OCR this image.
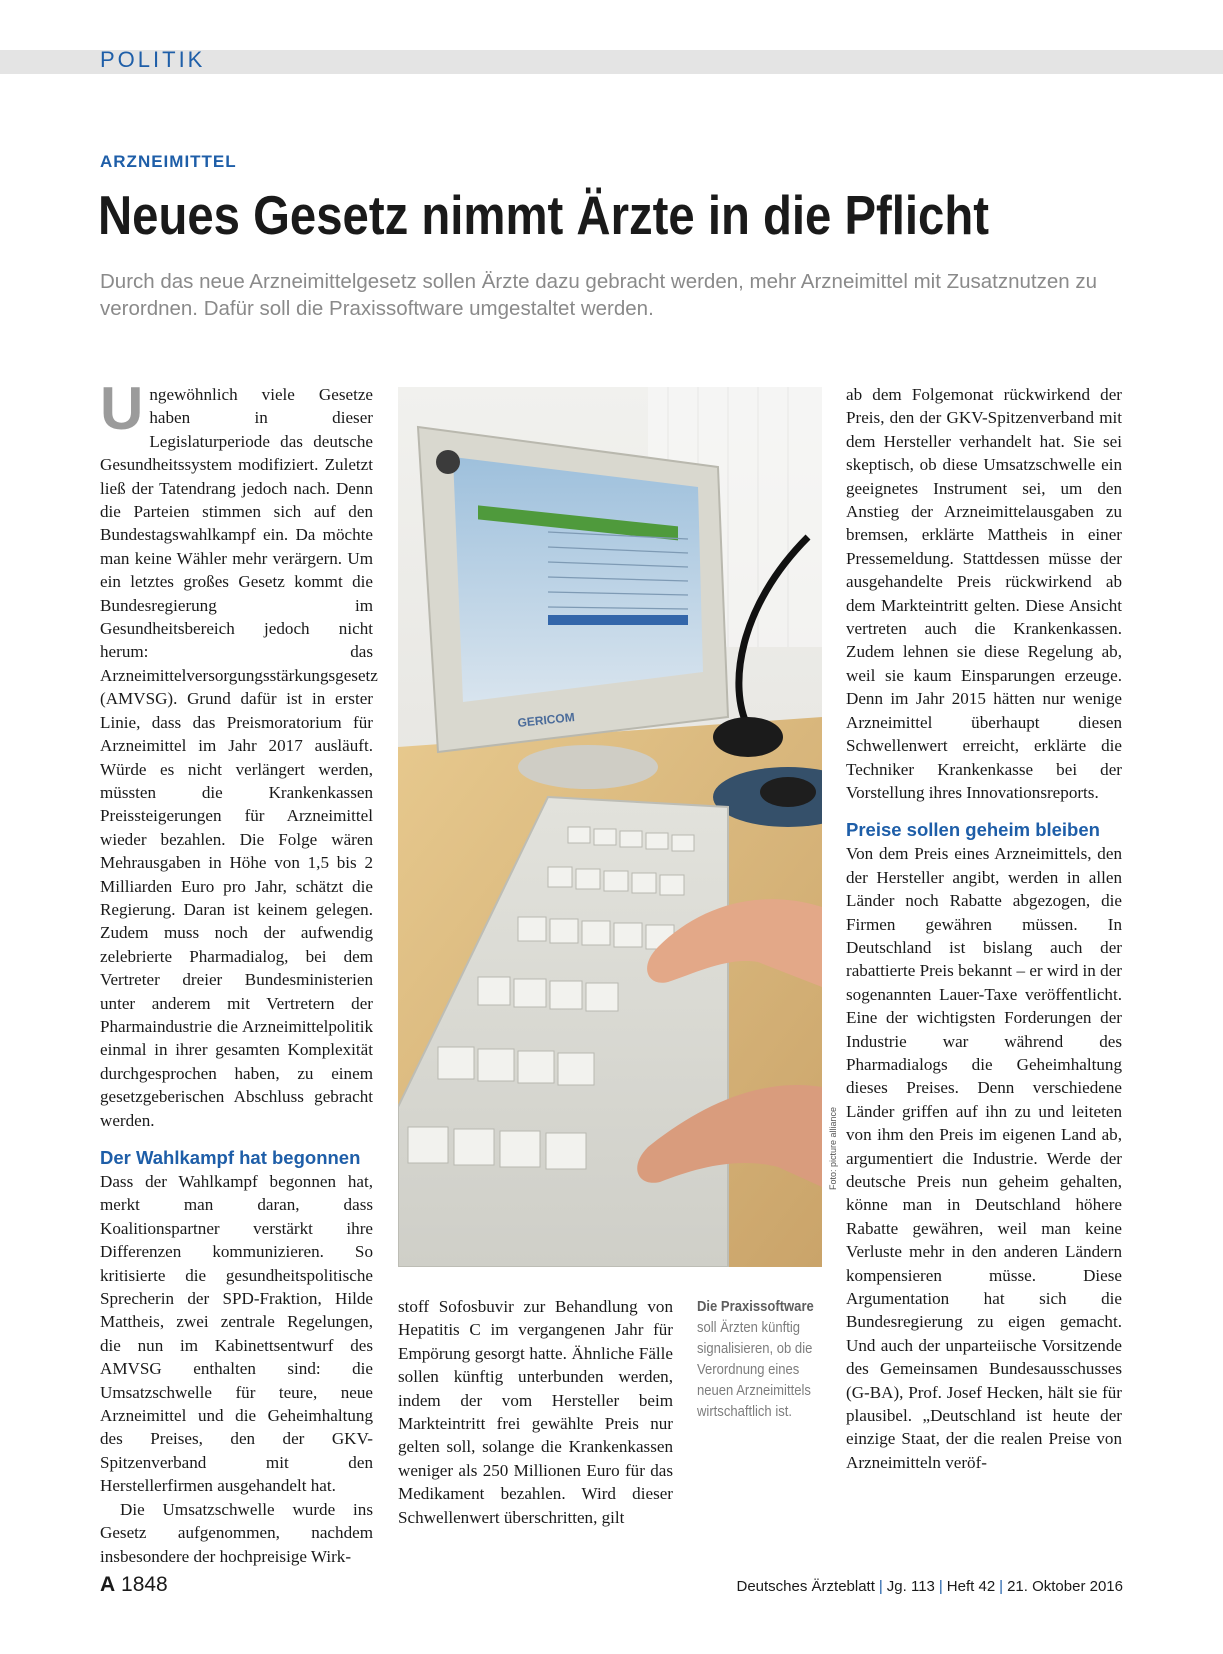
POLITIK
ARZNEIMITTEL
Neues Gesetz nimmt Ärzte in die Pflicht

Durch das neue Arzneimittelgesetz sollen Ärzte dazu gebracht werden, mehr Arzneimittel mit Zusatznutzen zu verordnen. Dafür soll die Praxissoftware umgestaltet werden.

Ungewöhnlich viele Gesetze haben in dieser Legislaturperiode das deutsche Gesundheitssystem modifiziert. Zuletzt ließ der Tatendrang jedoch nach. Denn die Parteien stimmen sich auf den Bundestagswahlkampf ein. Da möchte man keine Wähler mehr verärgern. Um ein letztes großes Gesetz kommt die Bundesregierung im Gesundheitsbereich jedoch nicht herum: das Arzneimittelversorgungsstärkungsgesetz (AMVSG). Grund dafür ist in erster Linie, dass das Preismoratorium für Arzneimittel im Jahr 2017 ausläuft. Würde es nicht verlängert werden, müssten die Krankenkassen Preissteigerungen für Arzneimittel wieder bezahlen. Die Folge wären Mehrausgaben in Höhe von 1,5 bis 2 Milliarden Euro pro Jahr, schätzt die Regierung. Daran ist keinem gelegen. Zudem muss noch der aufwendig zelebrierte Pharmadialog, bei dem Vertreter dreier Bundesministerien unter anderem mit Vertretern der Pharmaindustrie die Arzneimittelpolitik einmal in ihrer gesamten Komplexität durchgesprochen haben, zu einem gesetzgeberischen Abschluss gebracht werden.

Der Wahlkampf hat begonnen

Dass der Wahlkampf begonnen hat, merkt man daran, dass Koalitionspartner verstärkt ihre Differenzen kommunizieren. So kritisierte die gesundheitspolitische Sprecherin der SPD-Fraktion, Hilde Mattheis, zwei zentrale Regelungen, die nun im Kabinettsentwurf des AMVSG enthalten sind: die Umsatzschwelle für teure, neue Arzneimittel und die Geheimhaltung des Preises, den der GKV-Spitzenverband mit den Herstellerfirmen ausgehandelt hat.

Die Umsatzschwelle wurde ins Gesetz aufgenommen, nachdem insbesondere der hochpreisige Wirk-

GERICOM
Foto: picture alliance

stoff Sofosbuvir zur Behandlung von Hepatitis C im vergangenen Jahr für Empörung gesorgt hatte. Ähnliche Fälle sollen künftig unterbunden werden, indem der vom Hersteller beim Markteintritt frei gewählte Preis nur gelten soll, solange die Krankenkassen weniger als 250 Millionen Euro für das Medikament bezahlen. Wird dieser Schwellenwert überschritten, gilt

Die Praxissoftware soll Ärzten künftig signalisieren, ob die Verordnung eines neuen Arzneimittels wirtschaftlich ist.

ab dem Folgemonat rückwirkend der Preis, den der GKV-Spitzenverband mit dem Hersteller verhandelt hat. Sie sei skeptisch, ob diese Umsatzschwelle ein geeignetes Instrument sei, um den Anstieg der Arzneimittelausgaben zu bremsen, erklärte Mattheis in einer Pressemeldung. Stattdessen müsse der ausgehandelte Preis rückwirkend ab dem Markteintritt gelten. Diese Ansicht vertreten auch die Krankenkassen. Zudem lehnen sie diese Regelung ab, weil sie kaum Einsparungen erzeuge. Denn im Jahr 2015 hätten nur wenige Arzneimittel überhaupt diesen Schwellenwert erreicht, erklärte die Techniker Krankenkasse bei der Vorstellung ihres Innovationsreports.

Preise sollen geheim bleiben

Von dem Preis eines Arzneimittels, den der Hersteller angibt, werden in allen Länder noch Rabatte abgezogen, die Firmen gewähren müssen. In Deutschland ist bislang auch der rabattierte Preis bekannt – er wird in der sogenannten Lauer-Taxe veröffentlicht. Eine der wichtigsten Forderungen der Industrie war während des Pharmadialogs die Geheimhaltung dieses Preises. Denn verschiedene Länder griffen auf ihn zu und leiteten von ihm den Preis im eigenen Land ab, argumentiert die Industrie. Werde der deutsche Preis nun geheim gehalten, könne man in Deutschland höhere Rabatte gewähren, weil man keine Verluste mehr in den anderen Ländern kompensieren müsse. Diese Argumentation hat sich die Bundesregierung zu eigen gemacht. Und auch der unparteiische Vorsitzende des Gemeinsamen Bundesausschusses (G-BA), Prof. Josef Hecken, hält sie für plausibel. „Deutschland ist heute der einzige Staat, der die realen Preise von Arzneimitteln veröf-

A 1848	Deutsches Ärzteblatt | Jg. 113 | Heft 42 | 21. Oktober 2016
